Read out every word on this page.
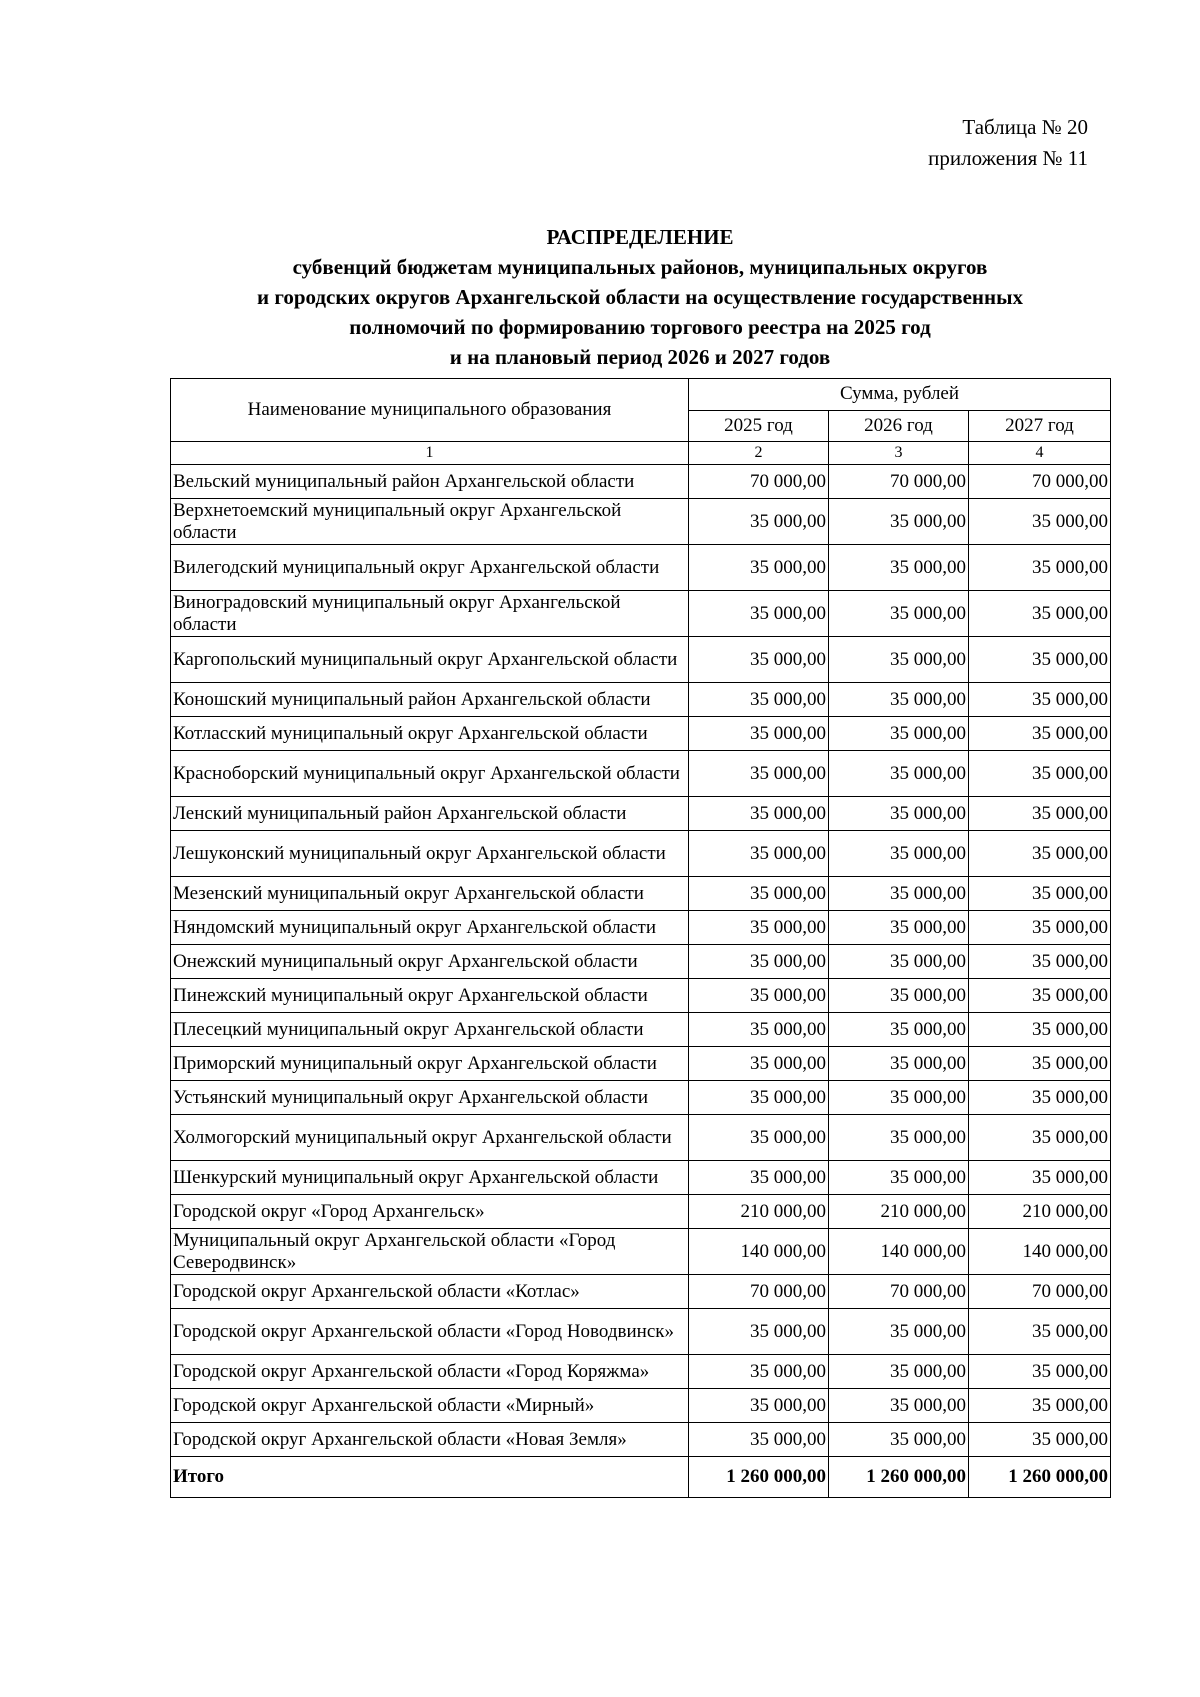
Таблица № 20
приложения № 11
РАСПРЕДЕЛЕНИЕ
субвенций бюджетам муниципальных районов, муниципальных округов
и городских округов Архангельской области на осуществление государственных
полномочий по формированию торгового реестра на 2025 год
и на плановый период 2026 и 2027 годов
Наименование муниципального образования	Сумма, рублей		
	2025 год	2026 год	2027 год
1	2	3	4
Вельский муниципальный район Архангельской области	70 000,00	70 000,00	70 000,00
Верхнетоемский муниципальный округ Архангельской области	35 000,00	35 000,00	35 000,00
Вилегодский муниципальный округ Архангельской области	35 000,00	35 000,00	35 000,00
Виноградовский муниципальный округ Архангельской области	35 000,00	35 000,00	35 000,00
Каргопольский муниципальный округ Архангельской области	35 000,00	35 000,00	35 000,00
Коношский муниципальный район Архангельской области	35 000,00	35 000,00	35 000,00
Котласский муниципальный округ Архангельской области	35 000,00	35 000,00	35 000,00
Красноборский муниципальный округ Архангельской области	35 000,00	35 000,00	35 000,00
Ленский муниципальный район Архангельской области	35 000,00	35 000,00	35 000,00
Лешуконский муниципальный округ Архангельской области	35 000,00	35 000,00	35 000,00
Мезенский муниципальный округ Архангельской области	35 000,00	35 000,00	35 000,00
Няндомский муниципальный округ Архангельской области	35 000,00	35 000,00	35 000,00
Онежский муниципальный округ Архангельской области	35 000,00	35 000,00	35 000,00
Пинежский муниципальный округ Архангельской области	35 000,00	35 000,00	35 000,00
Плесецкий муниципальный округ Архангельской области	35 000,00	35 000,00	35 000,00
Приморский муниципальный округ Архангельской области	35 000,00	35 000,00	35 000,00
Устьянский муниципальный округ Архангельской области	35 000,00	35 000,00	35 000,00
Холмогорский муниципальный округ Архангельской области	35 000,00	35 000,00	35 000,00
Шенкурский муниципальный округ Архангельской области	35 000,00	35 000,00	35 000,00
Городской округ «Город Архангельск»	210 000,00	210 000,00	210 000,00
Муниципальный округ Архангельской области «Город Северодвинск»	140 000,00	140 000,00	140 000,00
Городской округ Архангельской области «Котлас»	70 000,00	70 000,00	70 000,00
Городской округ Архангельской области «Город Новодвинск»	35 000,00	35 000,00	35 000,00
Городской округ Архангельской области «Город Коряжма»	35 000,00	35 000,00	35 000,00
Городской округ Архангельской области «Мирный»	35 000,00	35 000,00	35 000,00
Городской округ Архангельской области «Новая Земля»	35 000,00	35 000,00	35 000,00
Итого	1 260 000,00	1 260 000,00	1 260 000,00
